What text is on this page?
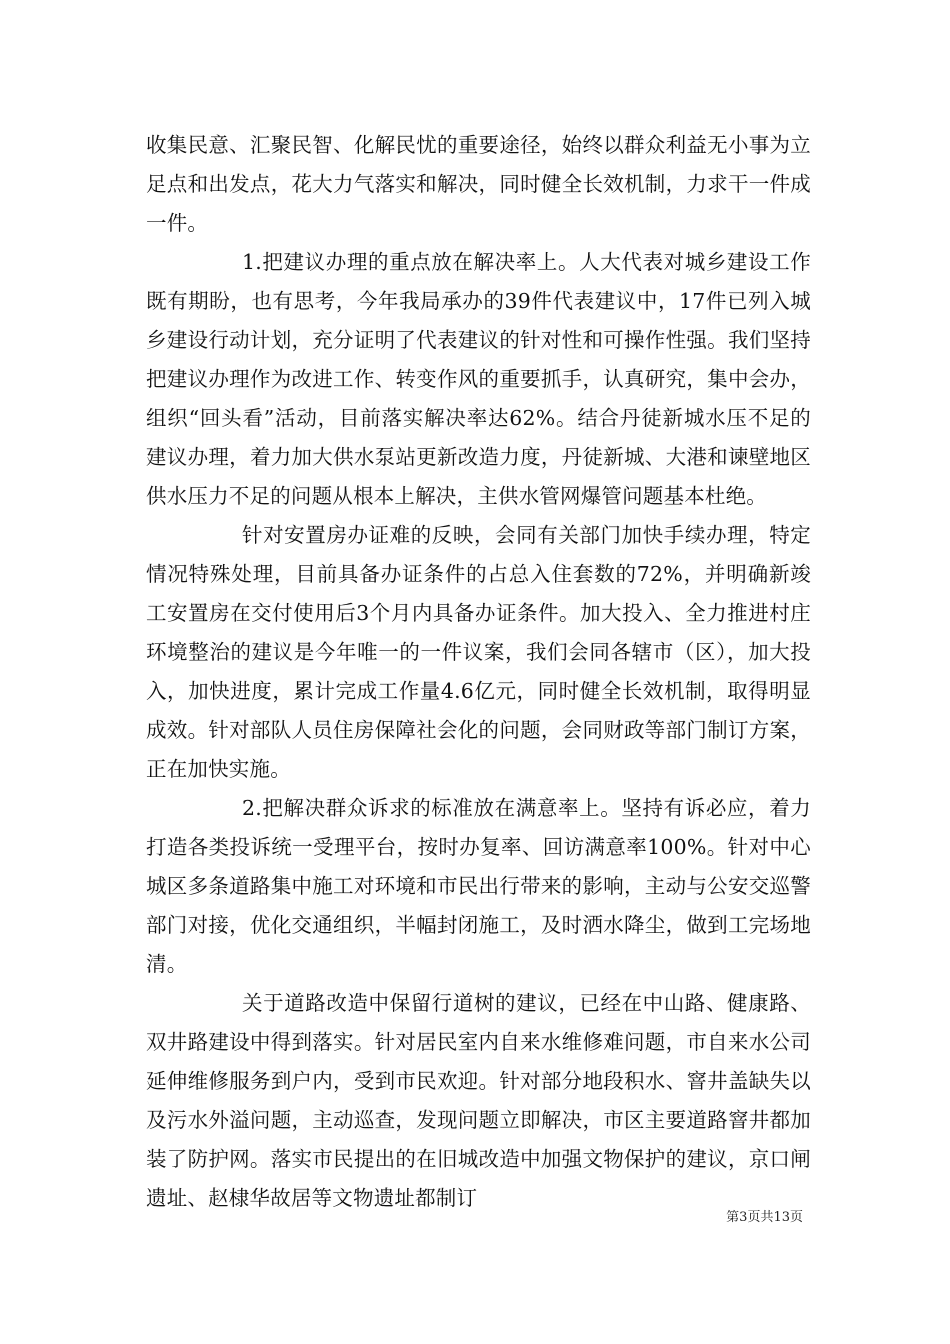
收集民意、汇聚民智、化解民忧的重要途径，始终以群众利益无小事为立足点和出发点，花大力气落实和解决，同时健全长效机制，力求干一件成一件。

1.把建议办理的重点放在解决率上。人大代表对城乡建设工作既有期盼，也有思考，今年我局承办的39件代表建议中，17件已列入城乡建设行动计划，充分证明了代表建议的针对性和可操作性强。我们坚持把建议办理作为改进工作、转变作风的重要抓手，认真研究，集中会办，组织“回头看”活动，目前落实解决率达62%。结合丹徒新城水压不足的建议办理，着力加大供水泵站更新改造力度，丹徒新城、大港和谏壁地区供水压力不足的问题从根本上解决，主供水管网爆管问题基本杜绝。

针对安置房办证难的反映，会同有关部门加快手续办理，特定情况特殊处理，目前具备办证条件的占总入住套数的72%，并明确新竣工安置房在交付使用后3个月内具备办证条件。加大投入、全力推进村庄环境整治的建议是今年唯一的一件议案，我们会同各辖市（区），加大投入，加快进度，累计完成工作量4.6亿元，同时健全长效机制，取得明显成效。针对部队人员住房保障社会化的问题，会同财政等部门制订方案，正在加快实施。

2.把解决群众诉求的标准放在满意率上。坚持有诉必应，着力打造各类投诉统一受理平台，按时办复率、回访满意率100%。针对中心城区多条道路集中施工对环境和市民出行带来的影响，主动与公安交巡警部门对接，优化交通组织，半幅封闭施工，及时洒水降尘，做到工完场地清。

关于道路改造中保留行道树的建议，已经在中山路、健康路、双井路建设中得到落实。针对居民室内自来水维修难问题，市自来水公司延伸维修服务到户内，受到市民欢迎。针对部分地段积水、窨井盖缺失以及污水外溢问题，主动巡查，发现问题立即解决，市区主要道路窨井都加装了防护网。落实市民提出的在旧城改造中加强文物保护的建议，京口闸遗址、赵棣华故居等文物遗址都制订

第3页共13页
